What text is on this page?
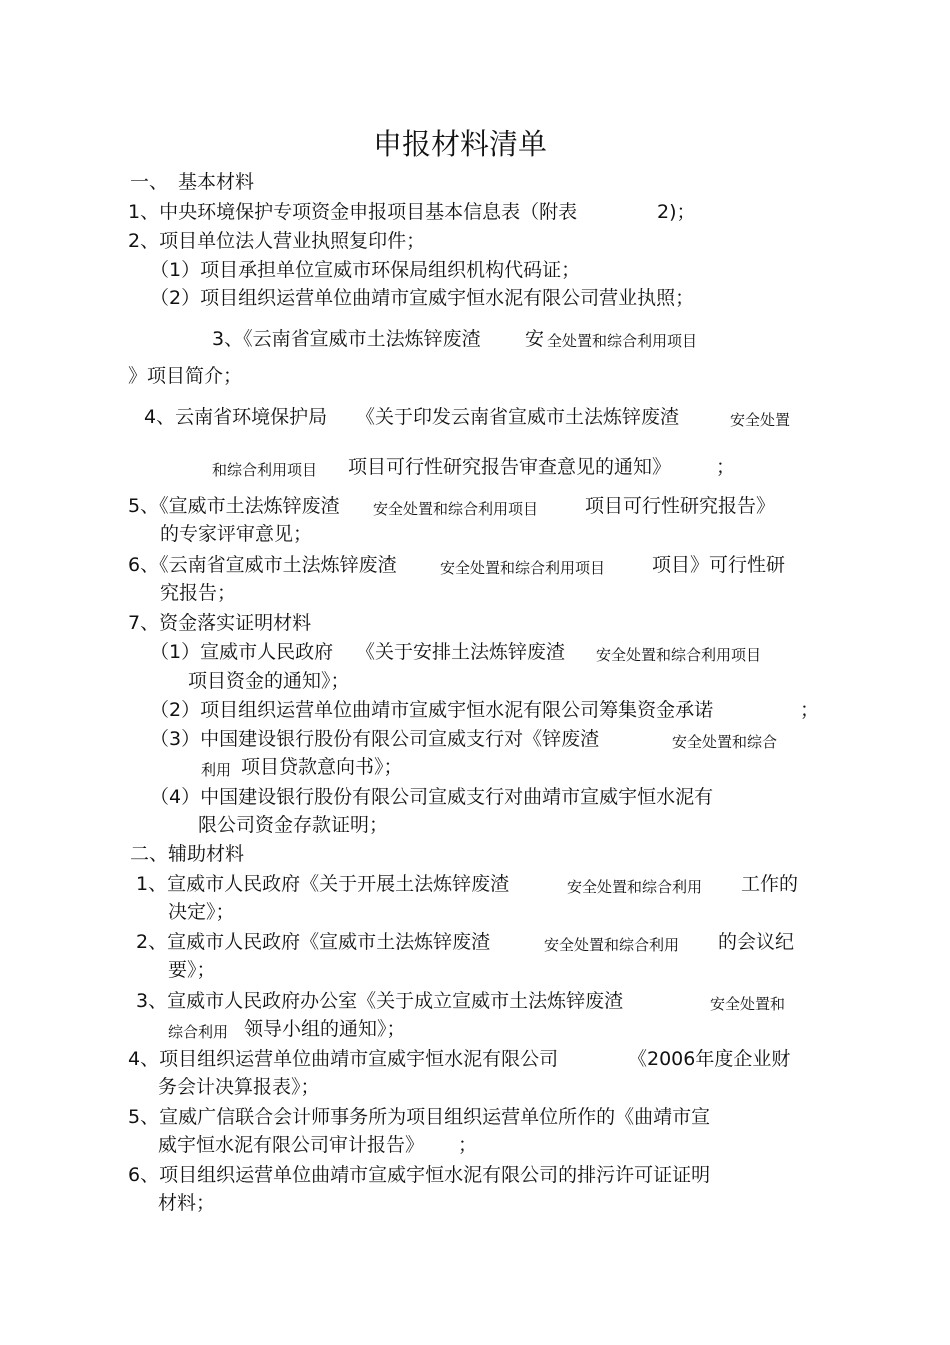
申报材料清单
一、 基本材料
1、中央环境保护专项资金申报项目基本信息表（附表	2)；
2、项目单位法人营业执照复印件；
（1）项目承担单位宣威市环保局组织机构代码证；
（2）项目组织运营单位曲靖市宣威宇恒水泥有限公司营业执照；
3、《云南省宣威市土法炼锌废渣 安 全处置和综合利用项目
》项目简介；
4、云南省环境保护局 《关于印发云南省宣威市土法炼锌废渣	安全处置
和综合利用项目 项目可行性研究报告审查意见的通知》 ；
5、《宣威市土法炼锌废渣 安全处置和综合利用项目 项目可行性研究报告》
的专家评审意见；
6、《云南省宣威市土法炼锌废渣	安全处置和综合利用项目 项目》可行性研
究报告；
7、资金落实证明材料
（1）宣威市人民政府 《关于安排土法炼锌废渣 安全处置和综合利用项目
项目资金的通知》；
（2）项目组织运营单位曲靖市宣威宇恒水泥有限公司筹集资金承诺	；
（3）中国建设银行股份有限公司宣威支行对《锌废渣	安全处置和综合
利用 项目贷款意向书》；
（4）中国建设银行股份有限公司宣威支行对曲靖市宣威宇恒水泥有
限公司资金存款证明；
二、辅助材料
1、宣威市人民政府《关于开展土法炼锌废渣	安全处置和综合利用 工作的
决定》；
2、宣威市人民政府《宣威市土法炼锌废渣	安全处置和综合利用 的会议纪
要》；
3、宣威市人民政府办公室《关于成立宣威市土法炼锌废渣	安全处置和
综合利用 领导小组的通知》；
4、项目组织运营单位曲靖市宣威宇恒水泥有限公司	《2006年度企业财
务会计决算报表》；
5、宣威广信联合会计师事务所为项目组织运营单位所作的《曲靖市宣
威宇恒水泥有限公司审计报告》 ；
6、项目组织运营单位曲靖市宣威宇恒水泥有限公司的排污许可证证明
材料；
